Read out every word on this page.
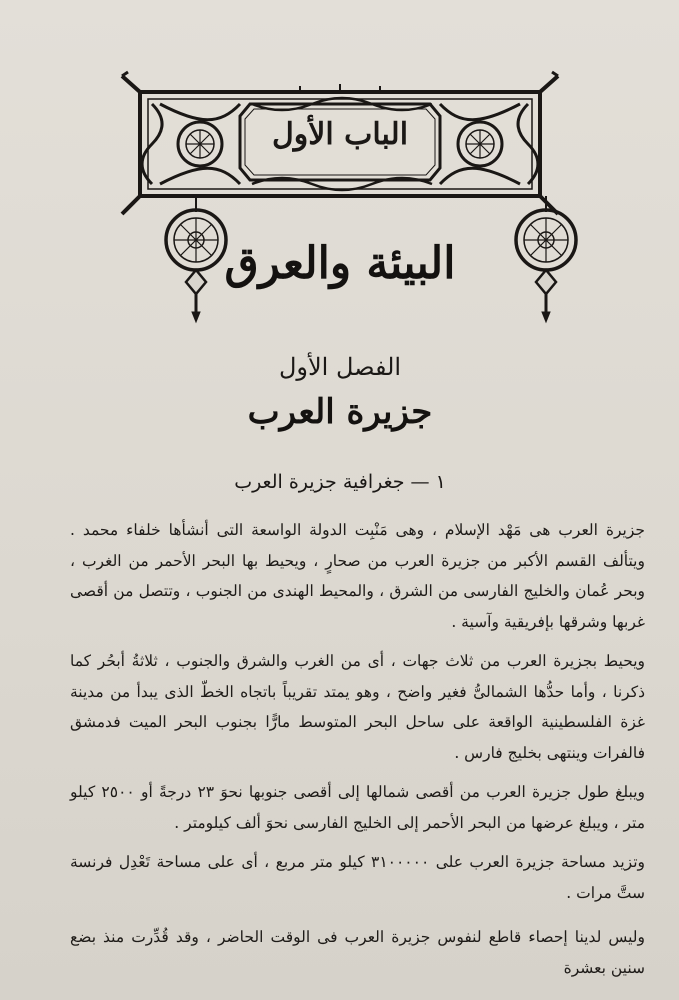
الباب الأول
البيئة والعرق
الفصل الأول
جزيرة العرب
١ — جغرافية جزيرة العرب

جزيرة العرب هى مَهْد الإسلام ، وهى مَنْبِت الدولة الواسعة التى أنشأها خلفاء محمد . ويتألف القسم الأكبر من جزيرة العرب من صحارٍ ، ويحيط بها البحر الأحمر من الغرب ، وبحر عُمان والخليج الفارسى من الشرق ، والمحيط الهندى من الجنوب ، وتتصل من أقصى غربها وشرقها بإفريقية وآسية .

ويحيط بجزيرة العرب من ثلاث جهات ، أى من الغرب والشرق والجنوب ، ثلاثةُ أبحُر كما ذكرنا ، وأما حدُّها الشمالىُّ فغير واضح ، وهو يمتد تقريباً باتجاه الخطّ الذى يبدأ من مدينة غزة الفلسطينية الواقعة على ساحل البحر المتوسط مارًّا بجنوب البحر الميت فدمشق فالفرات وينتهى بخليج فارس .

ويبلغ طول جزيرة العرب من أقصى شمالها إلى أقصى جنوبها نحوَ ٢٣ درجةً أو ٢٥٠٠ كيلو متر ، ويبلغ عرضها من البحر الأحمر إلى الخليج الفارسى نحوَ ألف كيلومتر .

وتزيد مساحة جزيرة العرب على ٣١٠٠٠٠٠ كيلو متر مربع ، أى على مساحة تَعْدِل فرنسة ستَّ مرات .

وليس لدينا إحصاء قاطع لنفوس جزيرة العرب فى الوقت الحاضر ، وقد قُدِّرت منذ بضع سنين بعشرة
